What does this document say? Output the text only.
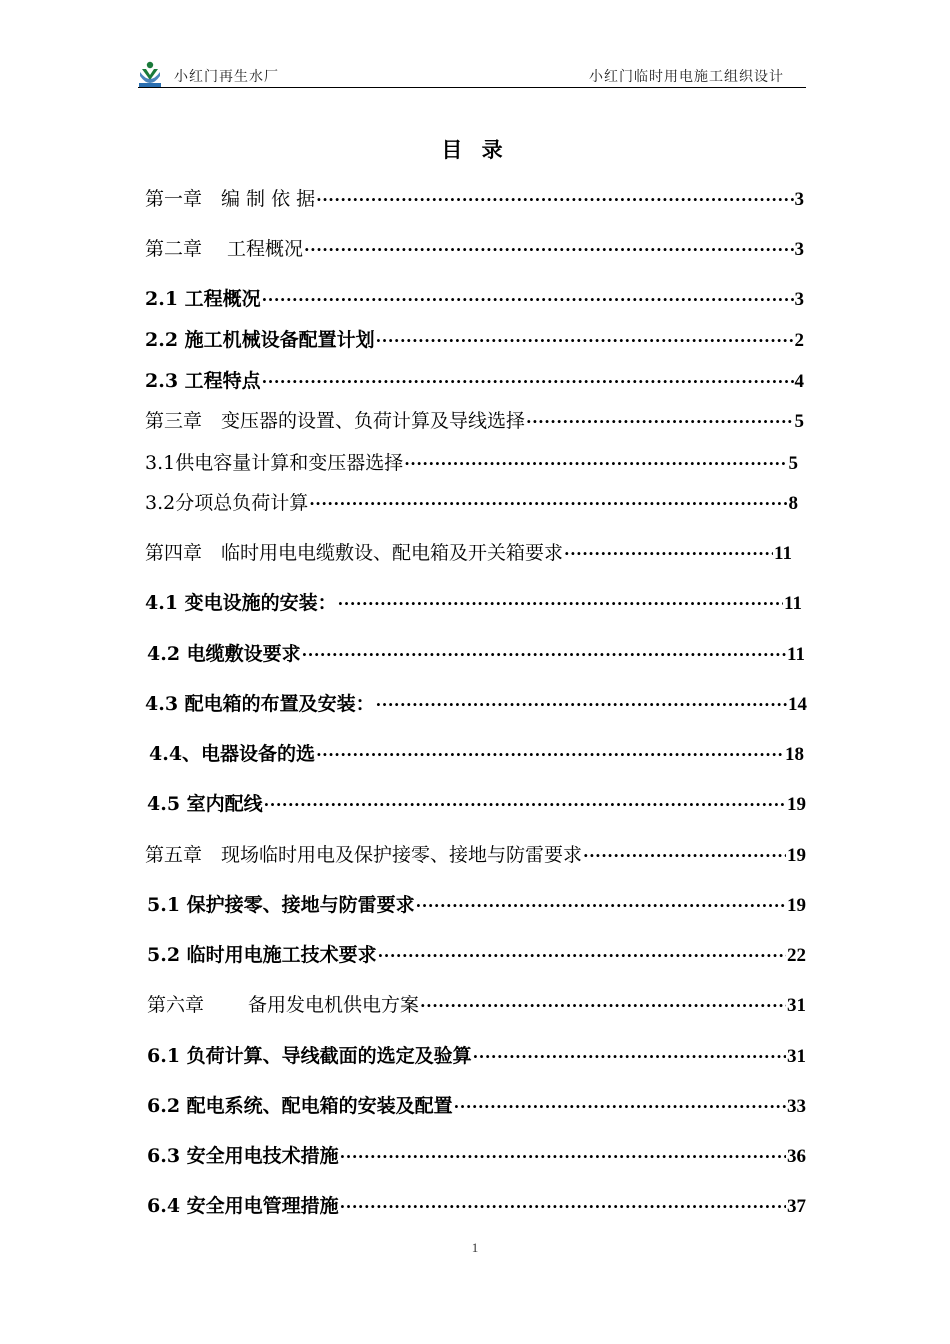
小红门再生水厂	小红门临时用电施工组织设计
目 录
第一章　编 制 依 据 ·····	3
第二章　 工程概况 ·····	3
2.1 工程概况 ·····	3
2.2 施工机械设备配置计划 ·····	2
2.3 工程特点 ·····	4
第三章　变压器的设置、负荷计算及导线选择 ·····	5
3.1供电容量计算和变压器选择 ·····	5
3.2分项总负荷计算 ·····	8
第四章　临时用电电缆敷设、配电箱及开关箱要求 ·····	11
4.1 变电设施的安装： ·····	11
4.2 电缆敷设要求 ·····	11
4.3 配电箱的布置及安装： ·····	14
4.4、电器设备的选 ·····	18
4.5 室内配线 ·····	19
第五章　现场临时用电及保护接零、接地与防雷要求 ·····	19
5.1 保护接零、接地与防雷要求 ·····	19
5.2 临时用电施工技术要求 ·····	22
第六章　　 备用发电机供电方案 ·····	31
6.1 负荷计算、导线截面的选定及验算 ·····	31
6.2 配电系统、配电箱的安装及配置 ·····	33
6.3 安全用电技术措施 ·····	36
6.4 安全用电管理措施 ·····	37
1
